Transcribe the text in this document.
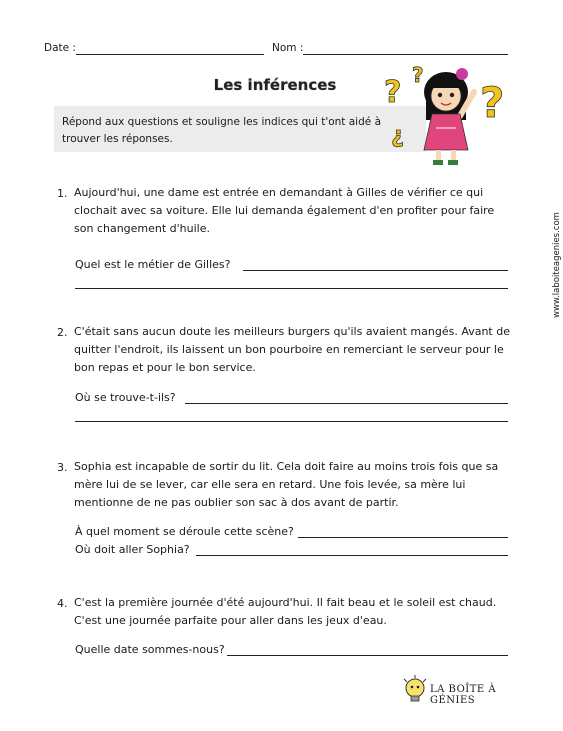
Date :	Nom :
Les inférences
Répond aux questions et souligne les indices qui t'ont aidé à trouver les réponses.
? ?
?
?
1. Aujourd'hui, une dame est entrée en demandant à Gilles de vérifier ce qui clochait avec sa voiture. Elle lui demanda également d'en profiter pour faire son changement d'huile.
Quel est le métier de Gilles?
2. C'était sans aucun doute les meilleurs burgers qu'ils avaient mangés. Avant de quitter l'endroit, ils laissent un bon pourboire en remerciant le serveur pour le bon repas et pour le bon service.
Où se trouve-t-ils?
3. Sophia est incapable de sortir du lit. Cela doit faire au moins trois fois que sa mère lui de se lever, car elle sera en retard. Une fois levée, sa mère lui mentionne de ne pas oublier son sac à dos avant de partir.
À quel moment se déroule cette scène?
Où doit aller Sophia?
4. C'est la première journée d'été aujourd'hui. Il fait beau et le soleil est chaud. C'est une journée parfaite pour aller dans les jeux d'eau.
Quelle date sommes-nous?
www.laboiteagenies.com
LA BOÎTE À GÉNIES
